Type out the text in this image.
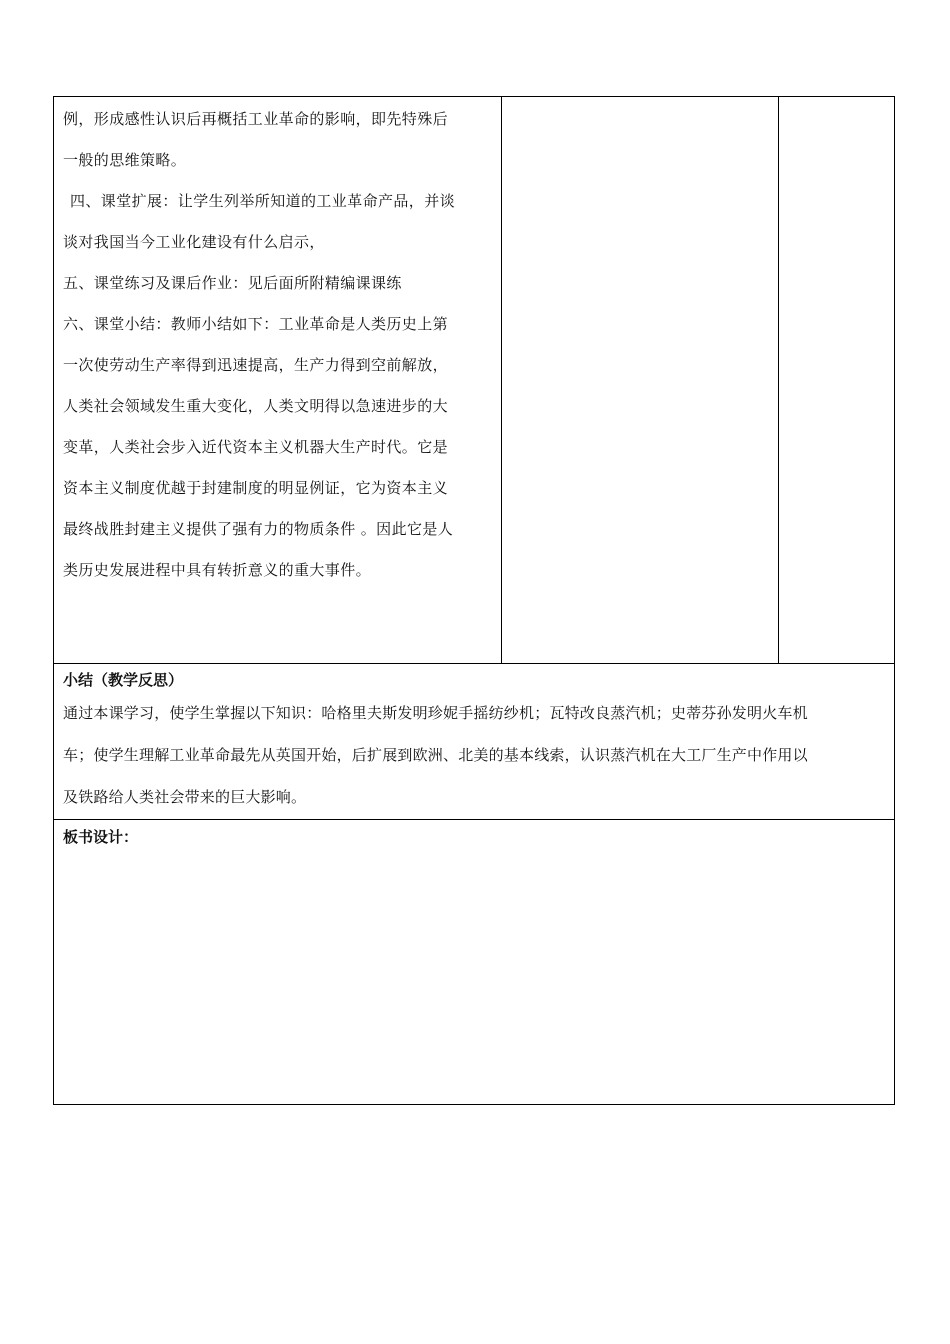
例，形成感性认识后再概括工业革命的影响，即先特殊后

一般的思维策略。

四、课堂扩展：让学生列举所知道的工业革命产品，并谈

谈对我国当今工业化建设有什么启示，

五、课堂练习及课后作业：见后面所附精编课课练

六、课堂小结：教师小结如下：工业革命是人类历史上第

一次使劳动生产率得到迅速提高，生产力得到空前解放，

人类社会领域发生重大变化，人类文明得以急速进步的大

变革，人类社会步入近代资本主义机器大生产时代。它是

资本主义制度优越于封建制度的明显例证，它为资本主义

最终战胜封建主义提供了强有力的物质条件 。因此它是人

类历史发展进程中具有转折意义的重大事件。

小结（教学反思）

通过本课学习，使学生掌握以下知识：哈格里夫斯发明珍妮手摇纺纱机；瓦特改良蒸汽机；史蒂芬孙发明火车机

车；使学生理解工业革命最先从英国开始，后扩展到欧洲、北美的基本线索，认识蒸汽机在大工厂生产中作用以

及铁路给人类社会带来的巨大影响。

板书设计：
